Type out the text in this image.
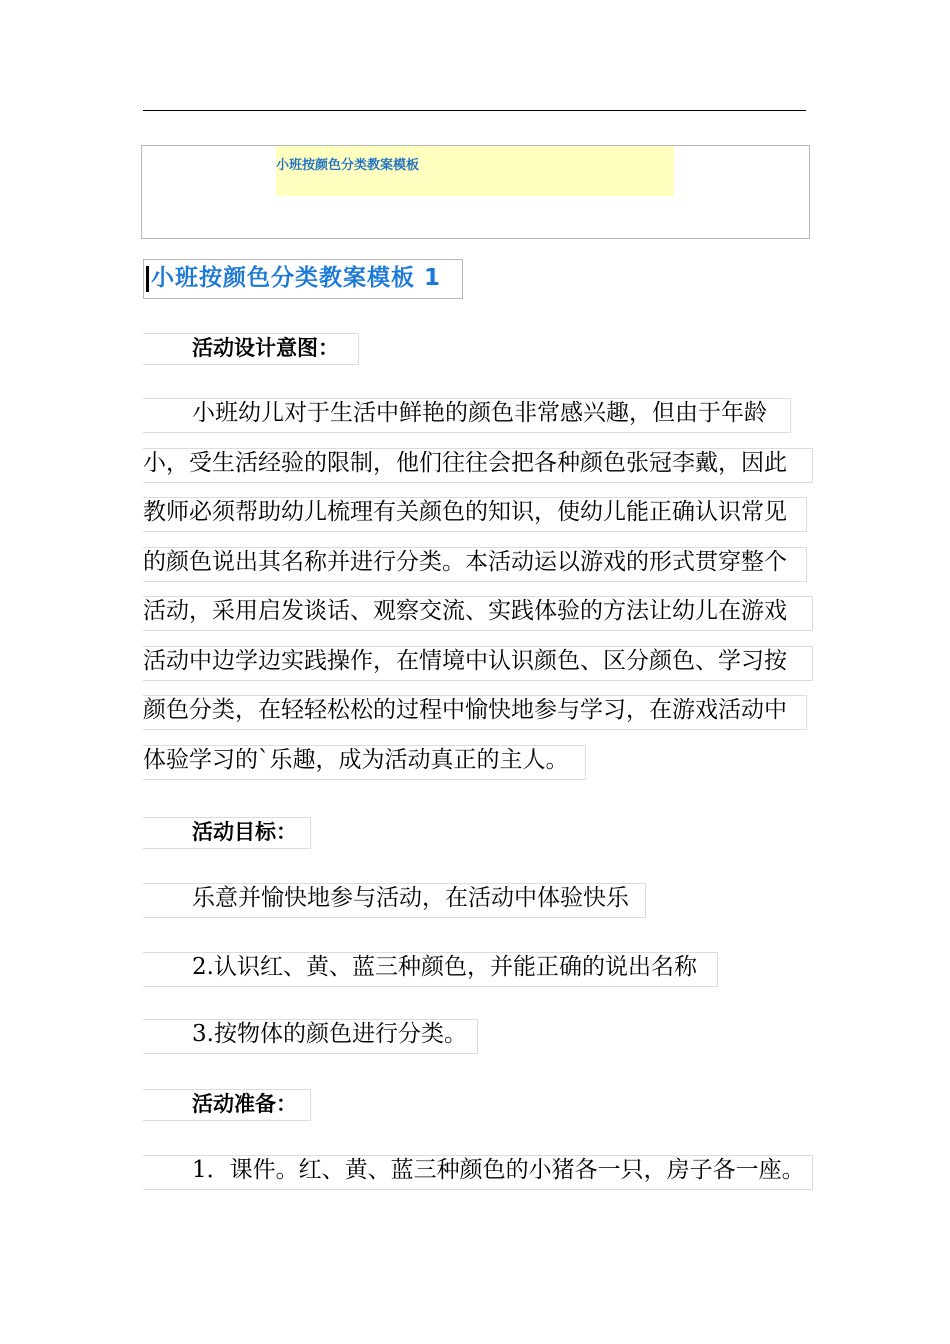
小班按颜色分类教案模板
小班按颜色分类教案模板 1
活动设计意图：
小班幼儿对于生活中鲜艳的颜色非常感兴趣，但由于年龄
小，受生活经验的限制，他们往往会把各种颜色张冠李戴，因此
教师必须帮助幼儿梳理有关颜色的知识，使幼儿能正确认识常见
的颜色说出其名称并进行分类。本活动运以游戏的形式贯穿整个
活动，采用启发谈话、观察交流、实践体验的方法让幼儿在游戏
活动中边学边实践操作，在情境中认识颜色、区分颜色、学习按
颜色分类，在轻轻松松的过程中愉快地参与学习，在游戏活动中
体验学习的`乐趣，成为活动真正的主人。
活动目标：
乐意并愉快地参与活动，在活动中体验快乐
2.认识红、黄、蓝三种颜色，并能正确的说出名称
3.按物体的颜色进行分类。
活动准备：
1．课件。红、黄、蓝三种颜色的小猪各一只，房子各一座。
